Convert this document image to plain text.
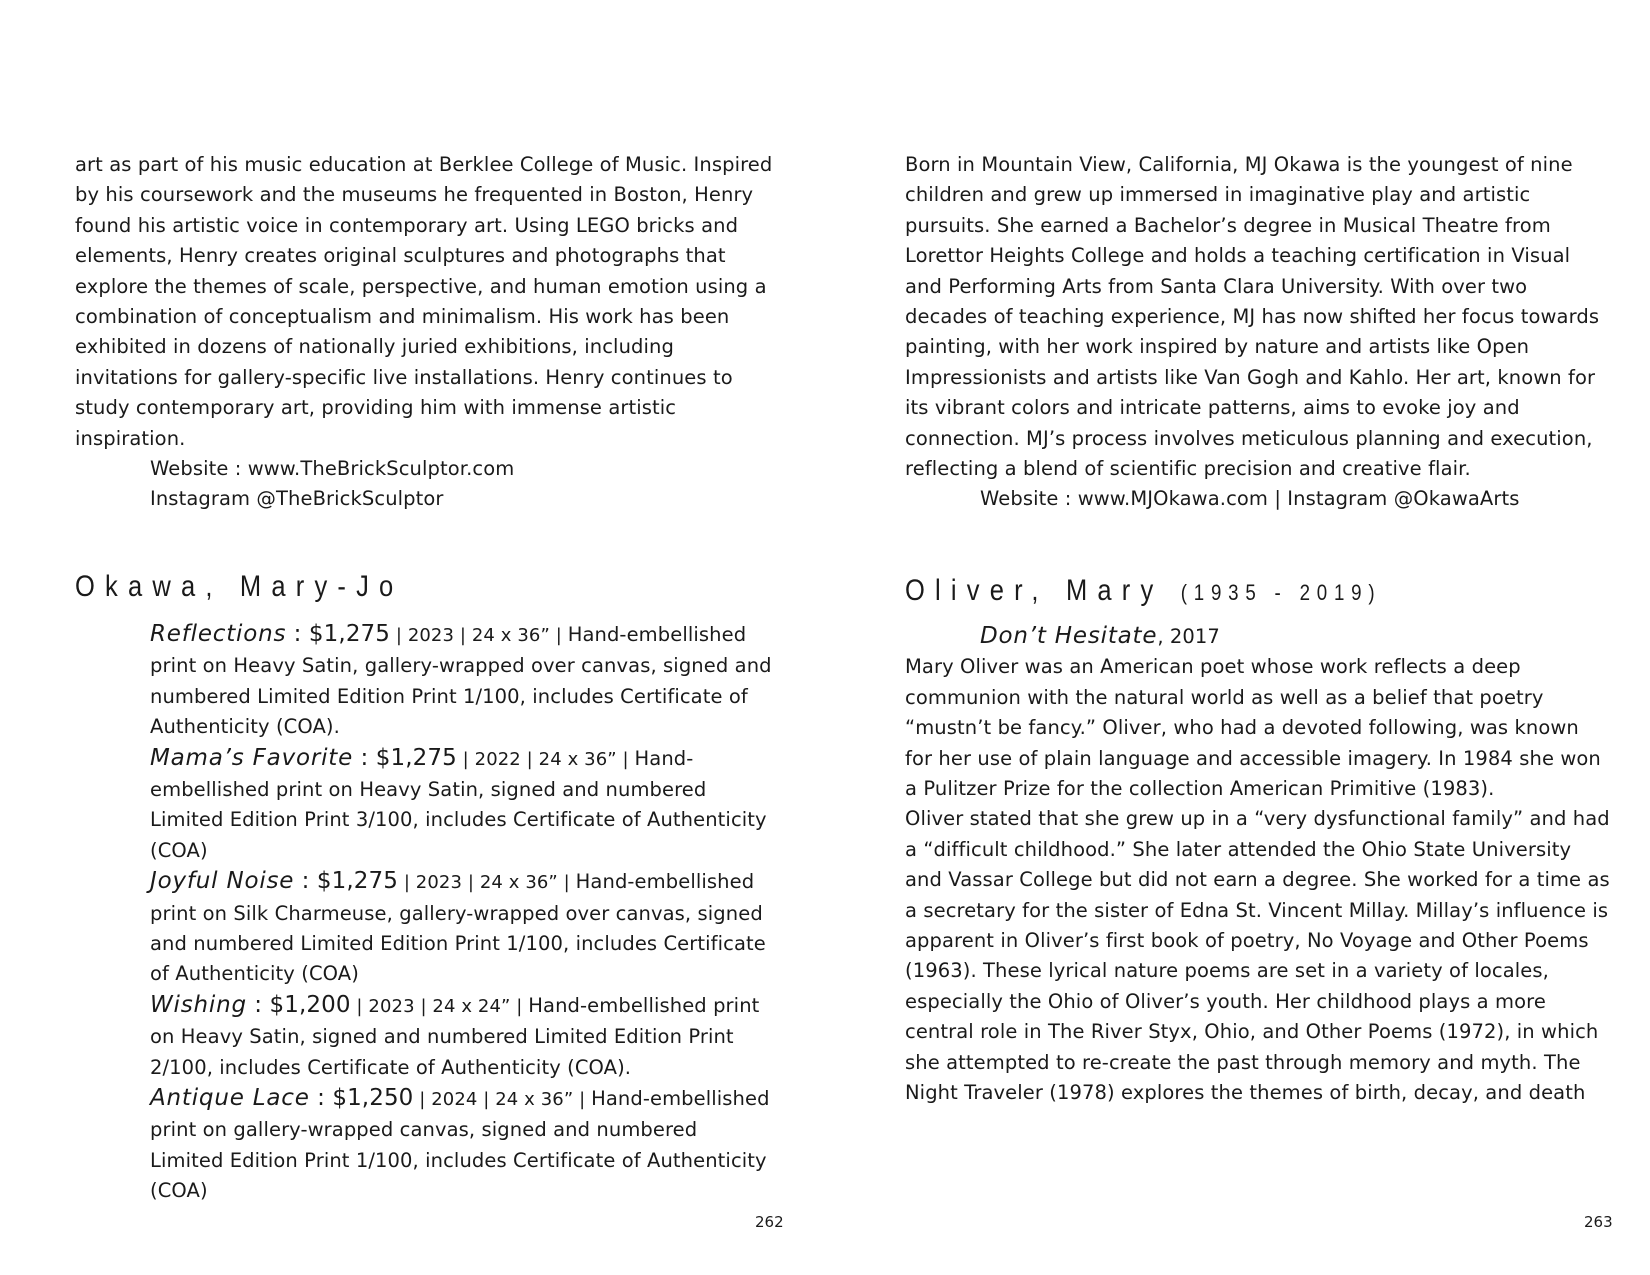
art as part of his music education at Berklee College of Music. Inspired by his coursework and the museums he frequented in Boston, Henry found his artistic voice in contemporary art. Using LEGO bricks and elements, Henry creates original sculptures and photographs that explore the themes of scale, perspective, and human emotion using a combination of conceptualism and minimalism. His work has been exhibited in dozens of nationally juried exhibitions, including invitations for gallery-specific live installations. Henry continues to study contemporary art, providing him with immense artistic inspiration.

Website : www.TheBrickSculptor.com

Instagram @TheBrickSculptor

Okawa, Mary-Jo

Reflections : $1,275 | 2023 | 24 x 36” | Hand-embellished print on Heavy Satin, gallery-wrapped over canvas, signed and numbered Limited Edition Print 1/100, includes Certificate of Authenticity (COA).

Mama’s Favorite : $1,275 | 2022 | 24 x 36” | Hand-embellished print on Heavy Satin, signed and numbered Limited Edition Print 3/100, includes Certificate of Authenticity (COA)

Joyful Noise : $1,275 | 2023 | 24 x 36” | Hand-embellished print on Silk Charmeuse, gallery-wrapped over canvas, signed and numbered Limited Edition Print 1/100, includes Certificate of Authenticity (COA)

Wishing : $1,200 | 2023 | 24 x 24” | Hand-embellished print on Heavy Satin, signed and numbered Limited Edition Print 2/100, includes Certificate of Authenticity (COA).

Antique Lace : $1,250 | 2024 | 24 x 36” | Hand-embellished print on gallery-wrapped canvas, signed and numbered Limited Edition Print 1/100, includes Certificate of Authenticity (COA)

262

Born in Mountain View, California, MJ Okawa is the youngest of nine children and grew up immersed in imaginative play and artistic pursuits. She earned a Bachelor’s degree in Musical Theatre from Lorettor Heights College and holds a teaching certification in Visual and Performing Arts from Santa Clara University. With over two decades of teaching experience, MJ has now shifted her focus towards painting, with her work inspired by nature and artists like Open Impressionists and artists like Van Gogh and Kahlo. Her art, known for its vibrant colors and intricate patterns, aims to evoke joy and connection. MJ’s process involves meticulous planning and execution, reflecting a blend of scientific precision and creative flair.

Website : www.MJOkawa.com | Instagram @OkawaArts

Oliver, Mary (1935 - 2019)

Don’t Hesitate, 2017

Mary Oliver was an American poet whose work reflects a deep communion with the natural world as well as a belief that poetry “mustn’t be fancy.” Oliver, who had a devoted following, was known for her use of plain language and accessible imagery. In 1984 she won a Pulitzer Prize for the collection American Primitive (1983).

Oliver stated that she grew up in a “very dysfunctional family” and had a “difficult childhood.” She later attended the Ohio State University and Vassar College but did not earn a degree. She worked for a time as a secretary for the sister of Edna St. Vincent Millay. Millay’s influence is apparent in Oliver’s first book of poetry, No Voyage and Other Poems (1963). These lyrical nature poems are set in a variety of locales, especially the Ohio of Oliver’s youth. Her childhood plays a more central role in The River Styx, Ohio, and Other Poems (1972), in which she attempted to re-create the past through memory and myth. The Night Traveler (1978) explores the themes of birth, decay, and death

263
